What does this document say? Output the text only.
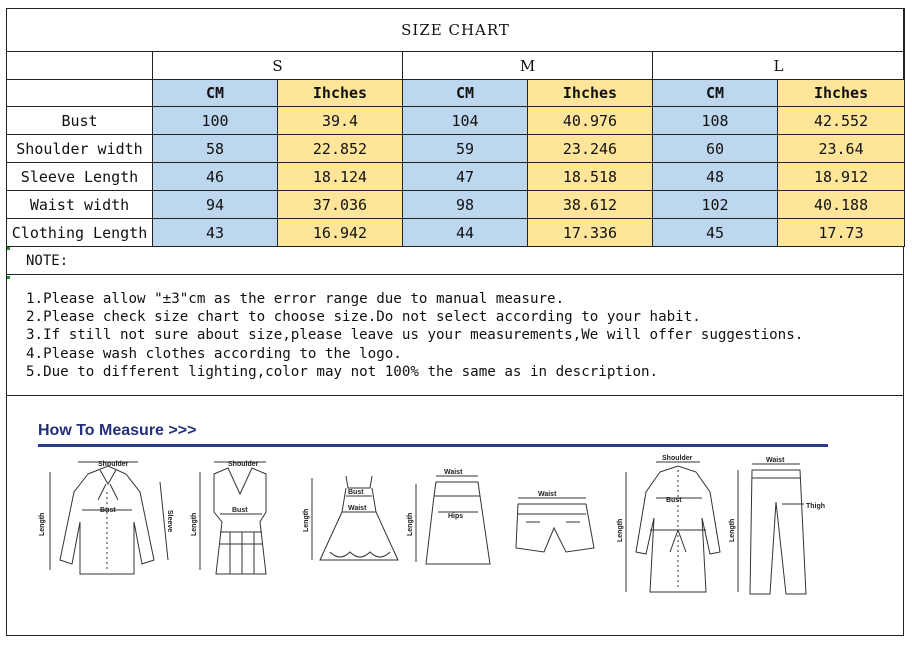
SIZE CHART						
	S		M		L	
	CM	Ihches	CM	Ihches	CM	Ihches
Bust	100	39.4	104	40.976	108	42.552
Shoulder width	58	22.852	59	23.246	60	23.64
Sleeve Length	46	18.124	47	18.518	48	18.912
Waist width	94	37.036	98	38.612	102	40.188
Clothing Length	43	16.942	44	17.336	45	17.73
NOTE:
1.Please allow "±3"cm as the error range due to manual measure.
2.Please check size chart to choose size.Do not select according to your habit.
3.If still not sure about size,please leave us your measurements,We will offer suggestions.
4.Please wash clothes according to the logo.
5.Due to different lighting,color may not 100% the same as in description.
How To Measure >>>
Shoulder
Bust
Length	Sleeve
Shoulder
Bust
Length
Bust
Waist
Length
Waist
Hips
Length
Waist
Shoulder
Bust
Length
Waist
Thigh
Length
